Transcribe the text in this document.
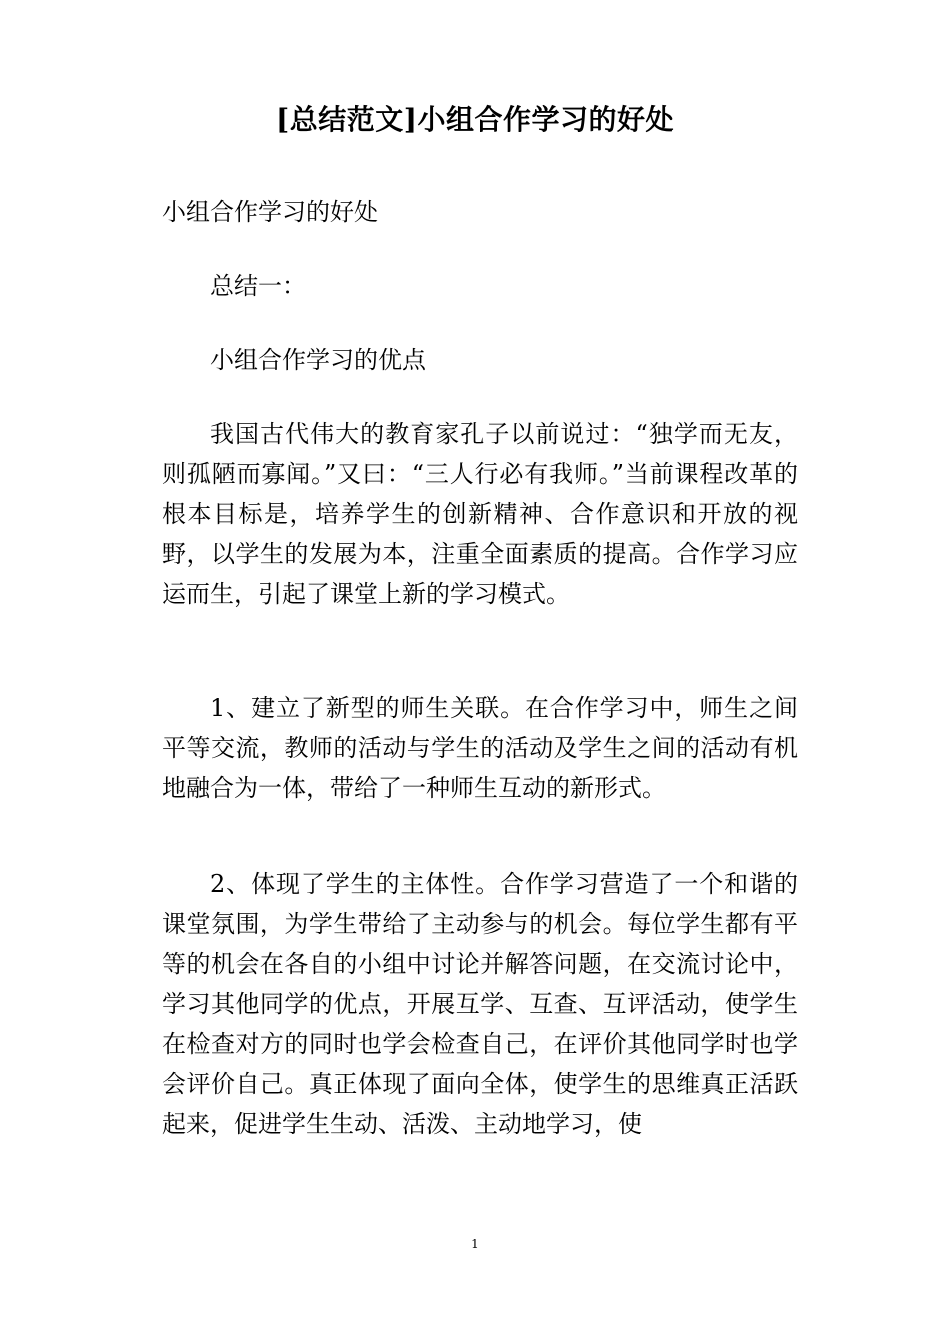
[总结范文]小组合作学习的好处

小组合作学习的好处

总结一：

小组合作学习的优点

我国古代伟大的教育家孔子以前说过：“独学而无友，则孤陋而寡闻。”又曰：“三人行必有我师。”当前课程改革的根本目标是，培养学生的创新精神、合作意识和开放的视野，以学生的发展为本，注重全面素质的提高。合作学习应运而生，引起了课堂上新的学习模式。

1、建立了新型的师生关联。在合作学习中，师生之间平等交流，教师的活动与学生的活动及学生之间的活动有机地融合为一体，带给了一种师生互动的新形式。

2、体现了学生的主体性。合作学习营造了一个和谐的课堂氛围，为学生带给了主动参与的机会。每位学生都有平等的机会在各自的小组中讨论并解答问题，在交流讨论中，学习其他同学的优点，开展互学、互查、互评活动，使学生在检查对方的同时也学会检查自己，在评价其他同学时也学会评价自己。真正体现了面向全体，使学生的思维真正活跃起来，促进学生生动、活泼、主动地学习，使

1
